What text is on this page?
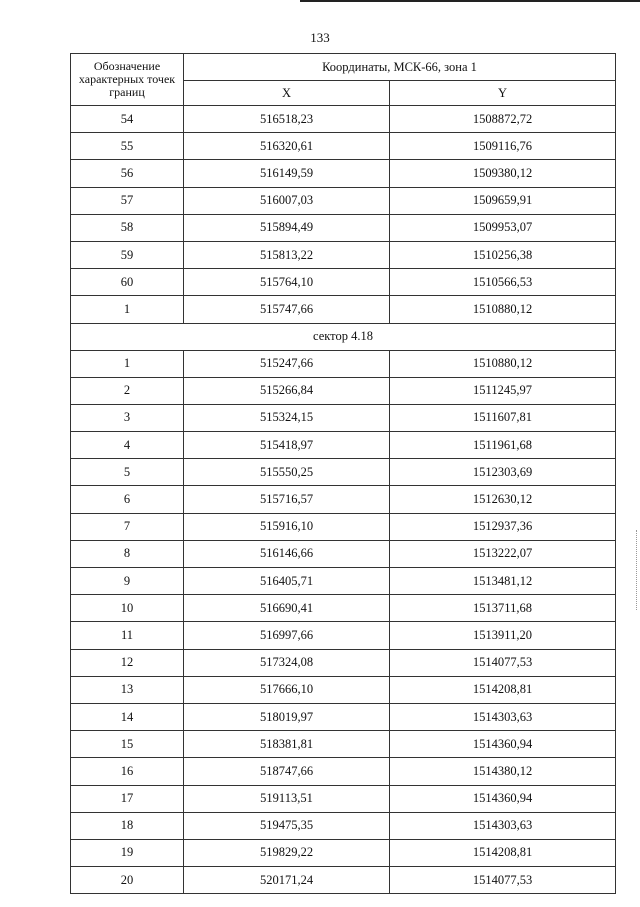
133
Обозначение характерных точек границ	Координаты, МСК-66, зона 1	
	X	Y
54	516518,23	1508872,72
55	516320,61	1509116,76
56	516149,59	1509380,12
57	516007,03	1509659,91
58	515894,49	1509953,07
59	515813,22	1510256,38
60	515764,10	1510566,53
1	515747,66	1510880,12
сектор 4.18		
1	515247,66	1510880,12
2	515266,84	1511245,97
3	515324,15	1511607,81
4	515418,97	1511961,68
5	515550,25	1512303,69
6	515716,57	1512630,12
7	515916,10	1512937,36
8	516146,66	1513222,07
9	516405,71	1513481,12
10	516690,41	1513711,68
11	516997,66	1513911,20
12	517324,08	1514077,53
13	517666,10	1514208,81
14	518019,97	1514303,63
15	518381,81	1514360,94
16	518747,66	1514380,12
17	519113,51	1514360,94
18	519475,35	1514303,63
19	519829,22	1514208,81
20	520171,24	1514077,53
